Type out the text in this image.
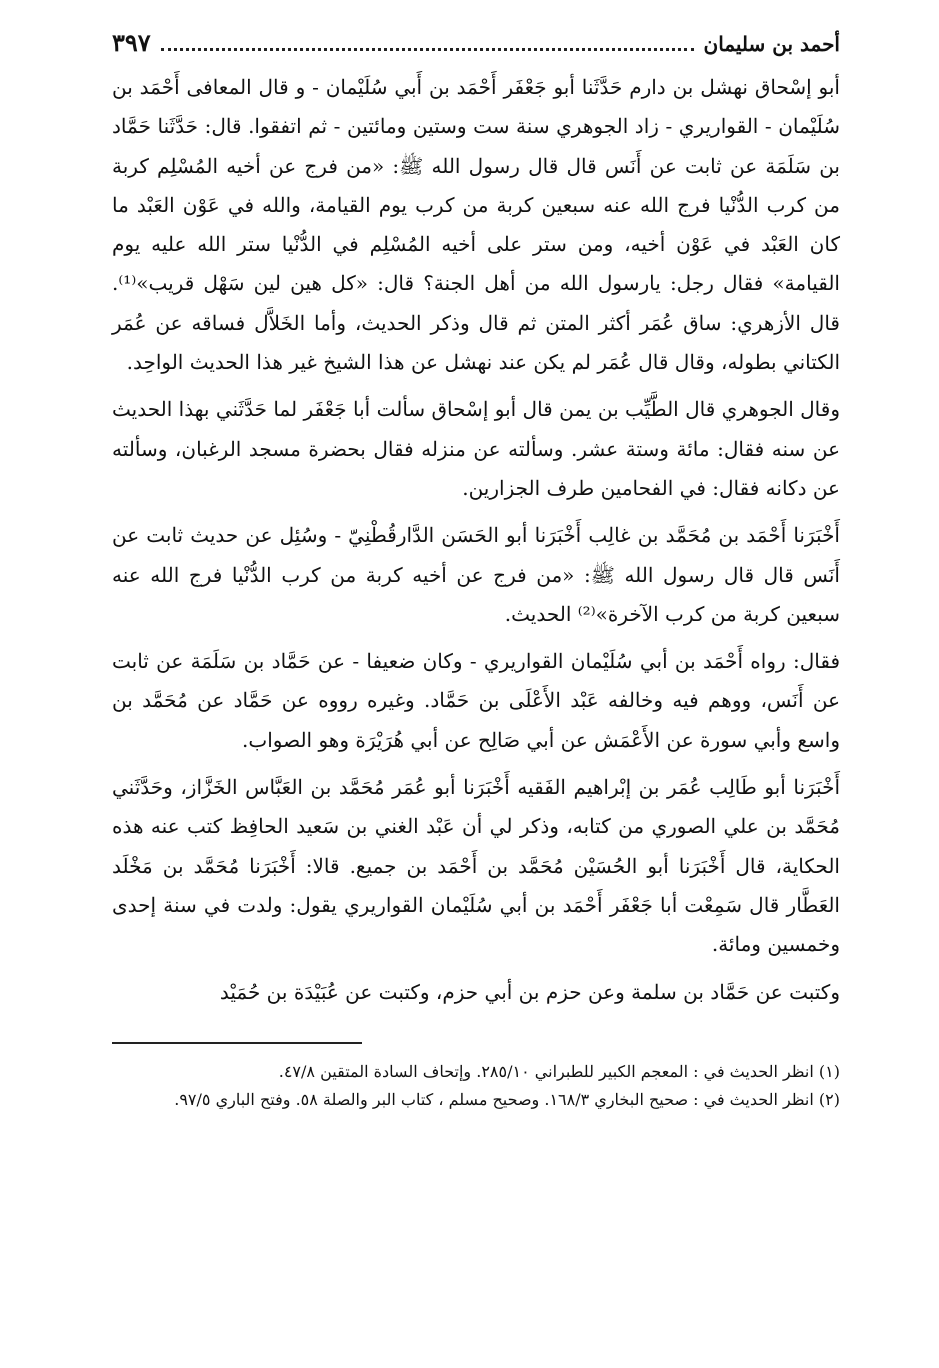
أحمد بن سليمان
٣٩٧

أبو إسْحاق نهشل بن دارم حَدَّثَنا أبو جَعْفَر أَحْمَد بن أَبي سُلَيْمان - و قال المعافى أَحْمَد بن سُلَيْمان - القواريري - زاد الجوهري سنة ست وستين ومائتين - ثم اتفقوا. قال: حَدَّثَنا حَمَّاد بن سَلَمَة عن ثابت عن أَنَس قال قال رسول الله ﷺ: «من فرج عن أخيه المُسْلِم كربة من كرب الدُّنْيا فرج الله عنه سبعين كربة من كرب يوم القيامة، والله في عَوْن العَبْد ما كان العَبْد في عَوْن أخيه، ومن ستر على أخيه المُسْلِم في الدُّنْيا ستر الله عليه يوم القيامة» فقال رجل: يارسول الله من أهل الجنة؟ قال: «كل هين لين سَهْل قريب»⁽¹⁾. قال الأزهري: ساق عُمَر أكثر المتن ثم قال وذكر الحديث، وأما الخَلاَّل فساقه عن عُمَر الكتاني بطوله، وقال قال عُمَر لم يكن عند نهشل عن هذا الشيخ غير هذا الحديث الواحِد.

وقال الجوهري قال الطَّيِّب بن يمن قال أبو إسْحاق سألت أبا جَعْفَر لما حَدَّثَني بهذا الحديث عن سنه فقال: مائة وستة عشر. وسألته عن منزله فقال بحضرة مسجد الرغبان، وسألته عن دكانه فقال: في الفحامين طرف الجزارين.

أَخْبَرَنا أَحْمَد بن مُحَمَّد بن غالِب أَخْبَرَنا أبو الحَسَن الدَّارقُطْنِيّ - وسُئِل عن حديث ثابت عن أَنَس قال قال رسول الله ﷺ: «من فرج عن أخيه كربة من كرب الدُّنْيا فرج الله عنه سبعين كربة من كرب الآخرة»⁽²⁾ الحديث.

فقال: رواه أَحْمَد بن أبي سُلَيْمان القواريري - وكان ضعيفا - عن حَمَّاد بن سَلَمَة عن ثابت عن أَنَس، ووهم فيه وخالفه عَبْد الأَعْلَى بن حَمَّاد. وغيره رووه عن حَمَّاد عن مُحَمَّد بن واسع وأبي سورة عن الأَعْمَش عن أبي صَالِح عن أبي هُرَيْرَة وهو الصواب.

أَخْبَرَنا أبو طَالِب عُمَر بن إبْراهيم الفَقيه أَخْبَرَنا أبو عُمَر مُحَمَّد بن العَبَّاس الخَزَّاز، وحَدَّثَني مُحَمَّد بن علي الصوري من كتابه، وذكر لي أن عَبْد الغني بن سَعيد الحافِظ كتب عنه هذه الحكاية، قال أَخْبَرَنا أبو الحُسَيْن مُحَمَّد بن أَحْمَد بن جميع. قالا: أَخْبَرَنا مُحَمَّد بن مَخْلَد العَطَّار قال سَمِعْت أبا جَعْفَر أَحْمَد بن أبي سُلَيْمان القواريري يقول: ولدت في سنة إحدى وخمسين ومائة.

وكتبت عن حَمَّاد بن سلمة وعن حزم بن أبي حزم، وكتبت عن عُبَيْدَة بن حُمَيْد

(١) انظر الحديث في : المعجم الكبير للطبراني ٢٨٥/١٠. وإتحاف السادة المتقين ٤٧/٨.

(٢) انظر الحديث في : صحيح البخاري ١٦٨/٣. وصحيح مسلم ، كتاب البر والصلة ٥٨. وفتح الباري ٩٧/٥.
